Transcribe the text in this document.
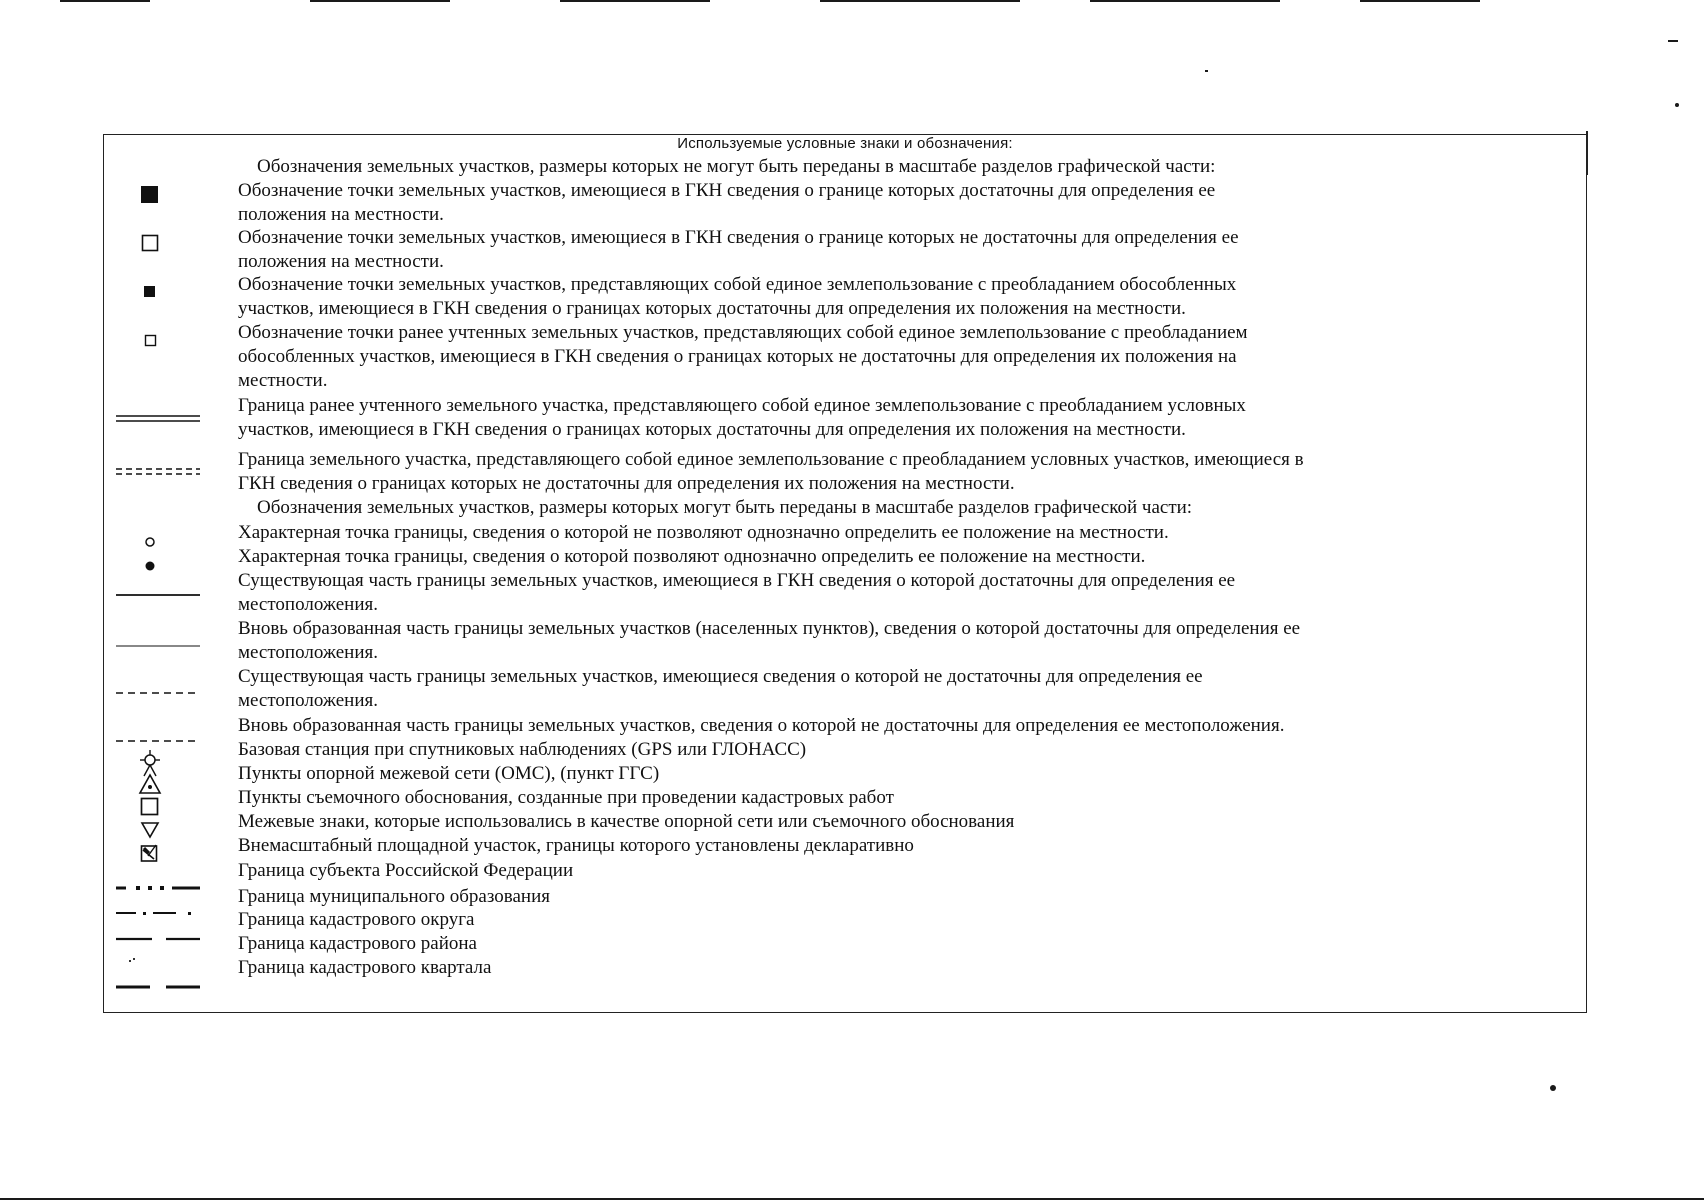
Используемые условные знаки и обозначения:
Обозначения земельных участков, размеры которых не могут быть переданы в масштабе разделов графической части:
Обозначение точки земельных участков, имеющиеся в ГКН сведения о границе которых достаточны для определения ее
положения на местности.
Обозначение точки земельных участков, имеющиеся в ГКН сведения о границе которых не достаточны для определения ее
положения на местности.
Обозначение точки земельных участков, представляющих собой единое землепользование с преобладанием обособленных
участков, имеющиеся в ГКН сведения о границах которых достаточны для определения их положения на местности.
Обозначение точки ранее учтенных земельных участков, представляющих собой единое землепользование с преобладанием
обособленных участков, имеющиеся в ГКН сведения о границах которых не достаточны для определения их положения на
местности.
Граница ранее учтенного земельного участка, представляющего собой единое землепользование с преобладанием условных
участков, имеющиеся в ГКН сведения о границах которых достаточны для определения их положения на местности.
Граница земельного участка, представляющего собой единое землепользование с преобладанием условных участков, имеющиеся в
ГКН сведения о границах которых не достаточны для определения их положения на местности.
Обозначения земельных участков, размеры которых могут быть переданы в масштабе разделов графической части:
Характерная точка границы, сведения о которой не позволяют однозначно определить ее положение на местности.
Характерная точка границы, сведения о которой позволяют однозначно определить ее положение на местности.
Существующая часть границы земельных участков, имеющиеся в ГКН сведения о которой достаточны для определения ее
местоположения.
Вновь образованная часть границы земельных участков (населенных пунктов), сведения о которой достаточны для определения ее
местоположения.
Существующая часть границы земельных участков, имеющиеся сведения о которой не достаточны для определения ее
местоположения.
Вновь образованная часть границы земельных участков, сведения о которой не достаточны для определения ее местоположения.
Базовая станция при спутниковых наблюдениях (GPS или ГЛОНАСС)
Пункты опорной межевой сети (ОМС), (пункт ГГС)
Пункты съемочного обоснования, созданные при проведении кадастровых работ
Межевые знаки, которые использовались в качестве опорной сети или съемочного обоснования
Внемасштабный площадной участок, границы которого установлены декларативно
Граница субъекта Российской Федерации
Граница муниципального образования
Граница кадастрового округа
Граница кадастрового района
Граница кадастрового квартала
